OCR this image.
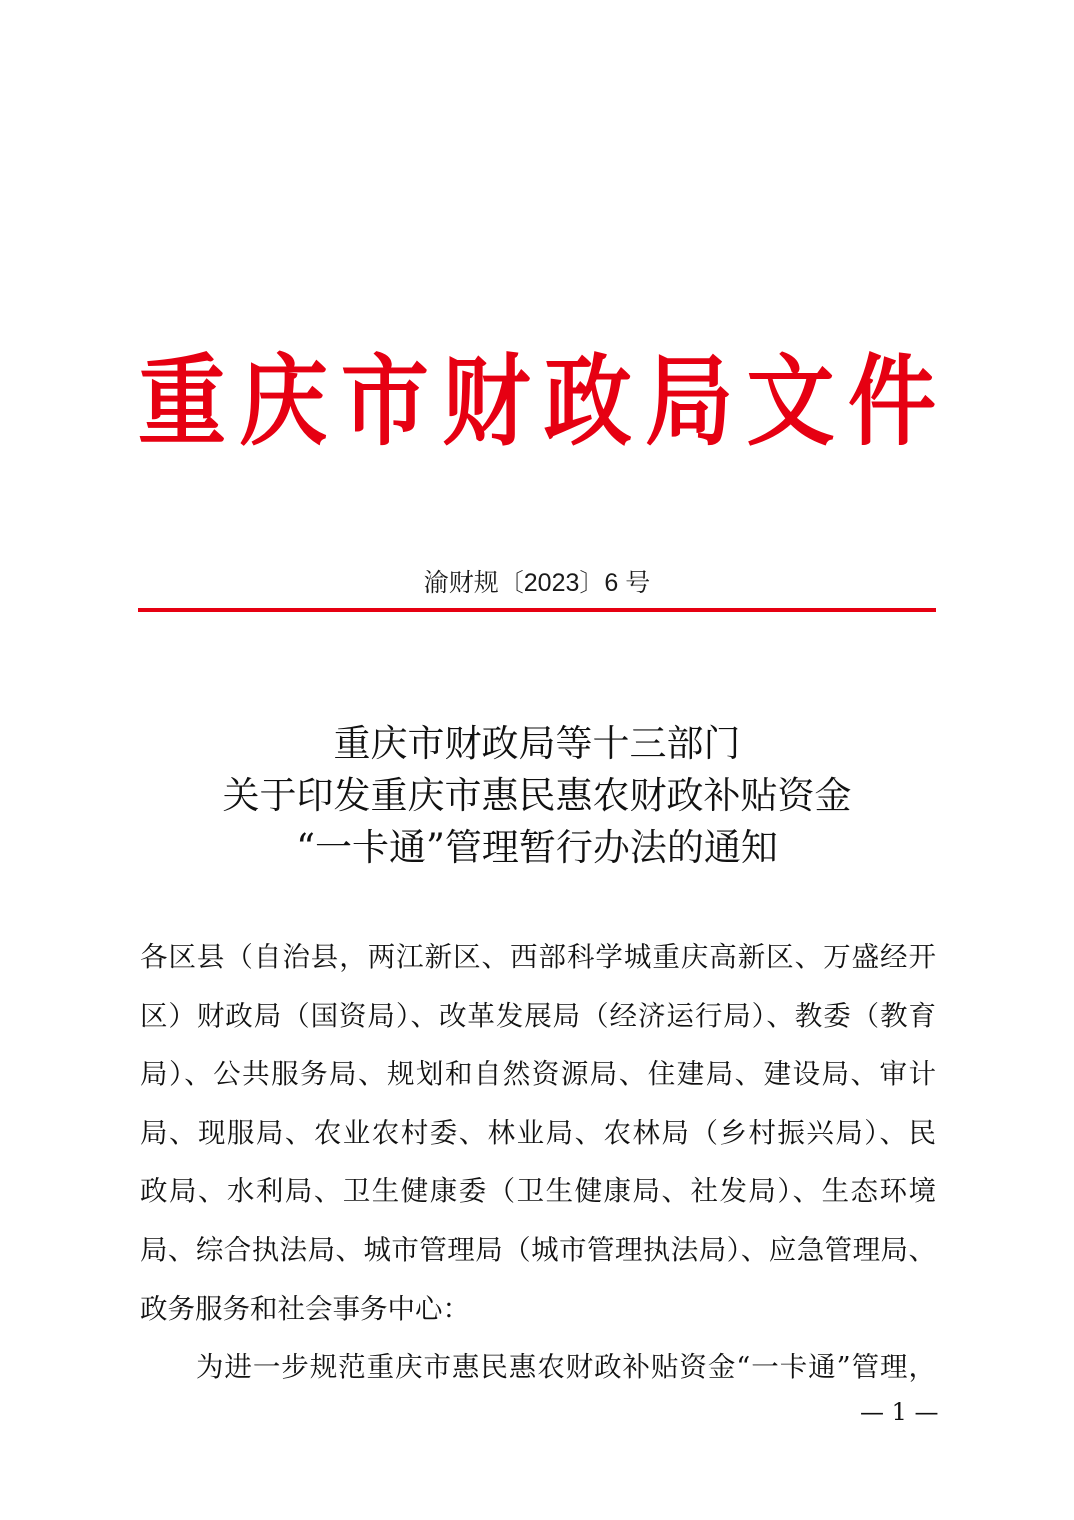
重 庆 市 财 政 局 文 件
渝财规〔2023〕6 号
重庆市财政局等十三部门
关于印发重庆市惠民惠农财政补贴资金
“一卡通”管理暂行办法的通知
各区县（自治县，两江新区、西部科学城重庆高新区、万盛经开
区）财政局（国资局）、改革发展局（经济运行局）、教委（教育
局）、公共服务局、规划和自然资源局、住建局、建设局、审计
局、现服局、农业农村委、林业局、农林局（乡村振兴局）、民
政局、水利局、卫生健康委（卫生健康局、社发局）、生态环境
局、综合执法局、城市管理局（城市管理执法局）、应急管理局、
政务服务和社会事务中心：
为进一步规范重庆市惠民惠农财政补贴资金“一卡通”管理，
— 1 —
